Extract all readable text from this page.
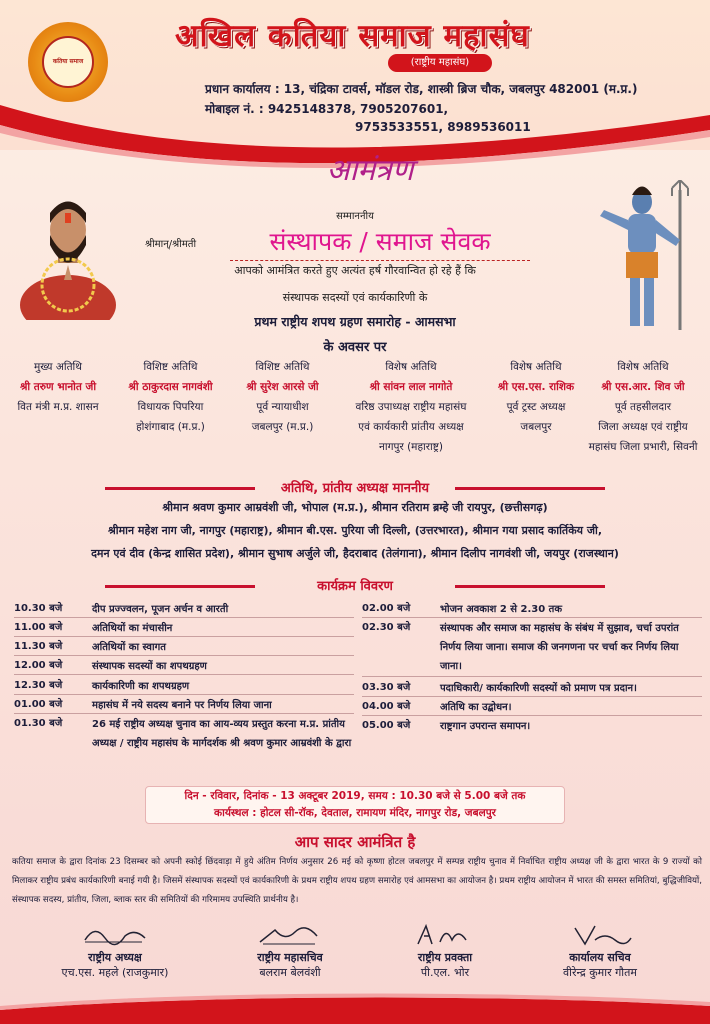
कतिया समाज
अखिल कतिया समाज महासंघ
(राष्ट्रीय महासंघ)
प्रधान कार्यालय : 13, चंद्रिका टावर्स, मॉडल रोड, शास्त्री ब्रिज चौक, जबलपुर 482001 (म.प्र.)
मोबाइल नं. : 9425148378, 7905207601,
9753533551, 8989536011
आमंत्रण
सम्माननीय
श्रीमान्/श्रीमती	संस्थापक / समाज सेवक
आपको आमंत्रित करते हुए अत्यंत हर्ष गौरवान्वित हो रहे हैं कि
संस्थापक सदस्यों एवं कार्यकारिणी के
प्रथम राष्ट्रीय शपथ ग्रहण समारोह - आमसभा
के अवसर पर
मुख्य अतिथि
श्री तरुण भानोत जी
वित मंत्री म.प्र. शासन
विशिष्ट अतिथि
श्री ठाकुरदास नागवंशी
विधायक पिपरिया
होशंगाबाद (म.प्र.)
विशिष्ट अतिथि
श्री सुरेश आरसे जी
पूर्व न्यायाधीश
जबलपुर (म.प्र.)
विशेष अतिथि
श्री सांवन लाल नागोते
वरिष्ठ उपाध्यक्ष राष्ट्रीय महासंघ
एवं कार्यकारी प्रांतीय अध्यक्ष
नागपुर (महाराष्ट्र)
विशेष अतिथि
श्री एस.एस. राशिक
पूर्व ट्रस्ट अध्यक्ष
जबलपुर
विशेष अतिथि
श्री एस.आर. शिव जी
पूर्व तहसीलदार
जिला अध्यक्ष एवं राष्ट्रीय
महासंघ जिला प्रभारी, सिवनी
अतिथि, प्रांतीय अध्यक्ष माननीय
श्रीमान श्रवण कुमार आम्रवंशी जी, भोपाल (म.प्र.), श्रीमान रतिराम ब्रम्हे जी रायपुर, (छत्तीसगढ़)
श्रीमान महेश नाग जी, नागपुर (महाराष्ट्र), श्रीमान बी.एस. पुरिया जी दिल्ली, (उत्तरभारत), श्रीमान गया प्रसाद कार्तिकेय जी,
दमन एवं दीव (केन्द्र शासित प्रदेश), श्रीमान सुभाष अर्जुले जी, हैदराबाद (तेलंगाना), श्रीमान दिलीप नागवंशी जी, जयपुर (राजस्थान)
कार्यक्रम विवरण
10.30 बजे	दीप प्रज्ज्वलन, पूजन अर्चन व आरती
11.00 बजे	अतिथियों का मंचासीन
11.30 बजे	अतिथियों का स्वागत
12.00 बजे	संस्थापक सदस्यों का शपथग्रहण
12.30 बजे	कार्यकारिणी का शपथग्रहण
01.00 बजे	महासंघ में नये सदस्य बनाने पर निर्णय लिया जाना
01.30 बजे	26 मई राष्ट्रीय अध्यक्ष चुनाव का आय-व्यय प्रस्तुत करना म.प्र. प्रांतीय अध्यक्ष / राष्ट्रीय महासंघ के मार्गदर्शक श्री श्रवण कुमार आम्रवंशी के द्वारा
02.00 बजे	भोजन अवकाश 2 से 2.30 तक
02.30 बजे	संस्थापक और समाज का महासंघ के संबंध में सुझाव, चर्चा उपरांत निर्णय लिया जाना। समाज की जनगणना पर चर्चा कर निर्णय लिया जाना।
03.30 बजे	पदाधिकारी/ कार्यकारिणी सदस्यों को प्रमाण पत्र प्रदान।
04.00 बजे	अतिथि का उद्बोधन।
05.00 बजे	राष्ट्रगान उपरान्त समापन।
दिन - रविवार, दिनांक - 13 अक्टूबर 2019, समय : 10.30 बजे से 5.00 बजे तक
कार्यस्थल : होटल सी-रॉक, देवताल, रामायण मंदिर, नागपुर रोड, जबलपुर
आप सादर आमंत्रित है
कतिया समाज के द्वारा दिनांक 23 दिसम्बर को अपनी स्कोई छिंदवाड़ा में हुये अंतिम निर्णय अनुसार 26 मई को कृष्णा होटल जबलपुर में सम्पन्न राष्ट्रीय चुनाव में निर्वाचित राष्ट्रीय अध्यक्ष जी के द्वारा भारत के 9 राज्यों को मिलाकर राष्ट्रीय प्रबंध कार्यकारिणी बनाई गयी है। जिसमें संस्थापक सदस्यों एवं कार्यकारिणी के प्रथम राष्ट्रीय शपथ ग्रहण समारोह एवं आमसभा का आयोजन है। प्रथम राष्ट्रीय आयोजन में भारत की समस्त समितियां, बुद्धिजीवियों, संस्थापक सदस्य, प्रांतीय, जिला, ब्लाक स्तर की समितियों की गरिमामय उपस्थिति प्रार्थनीय है।
राष्ट्रीय अध्यक्ष
एच.एस. महले (राजकुमार)
राष्ट्रीय महासचिव
बलराम बेलवंशी
राष्ट्रीय प्रवक्ता
पी.एल. भोर
कार्यालय सचिव
वीरेन्द्र कुमार गौतम
